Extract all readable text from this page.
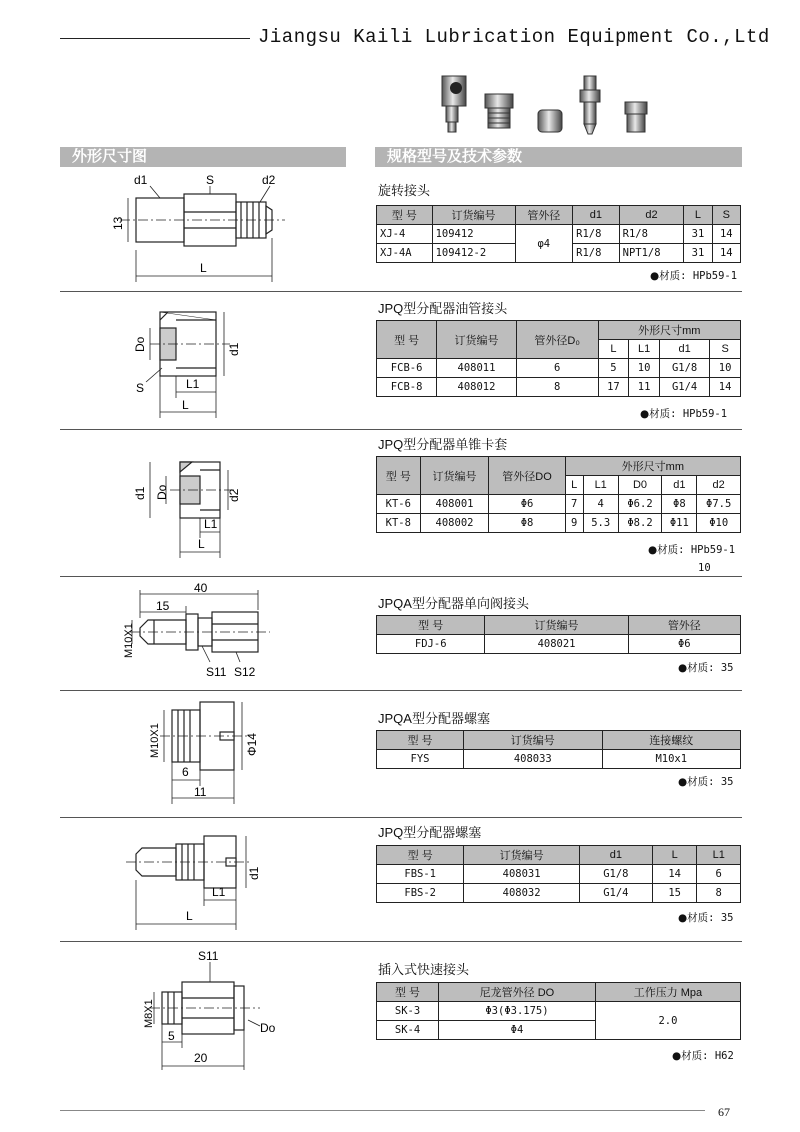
Jiangsu Kaili Lubrication Equipment Co.,Ltd
外形尺寸图	规格型号及技术参数
d1	S	d2
13
L
旋转接头
型 号	订货编号	管外径	d1	d2	L	S
XJ-4	109412	φ4	R1/8	R1/8	31	14
XJ-4A	109412-2		R1/8	NPT1/8	31	14
●材质: HPb59-1
Do	d1
S	L1
L
JPQ型分配器油管接头
型 号	订货编号	管外径D₀	外形尺寸mm			
			L	L1	d1	S
FCB-6	408011	6	5	10	G1/8	10
FCB-8	408012	8	17	11	G1/4	14
●材质: HPb59-1
d1 Do	d2
L1
L
JPQ型分配器单锥卡套
型 号	订货编号	管外径DO	外形尺寸mm				
			L	L1	D0	d1	d2
KT-6	408001	Φ6	7	4	Φ6.2	Φ8	Φ7.5
KT-8	408002	Φ8	9	5.3	Φ8.2	Φ11	Φ10
●材质: HPb59-1
10
40
15
M10X1
S11 S12
JPQA型分配器单向阀接头
型 号	订货编号	管外径
FDJ-6	408021	Φ6
●材质: 35
M10X1	Φ14
6
11
JPQA型分配器螺塞
型 号	订货编号	连接螺纹
FYS	408033	M10x1
●材质: 35
d1
L1
L
JPQ型分配器螺塞
型 号	订货编号	d1	L	L1
FBS-1	408031	G1/8	14	6
FBS-2	408032	G1/4	15	8
●材质: 35
S11
M8X1	Do
5
20
插入式快速接头
型 号	尼龙管外径 DO	工作压力 Mpa
SK-3	Φ3(Φ3.175)	2.0
SK-4	Φ4	
●材质: H62
67
